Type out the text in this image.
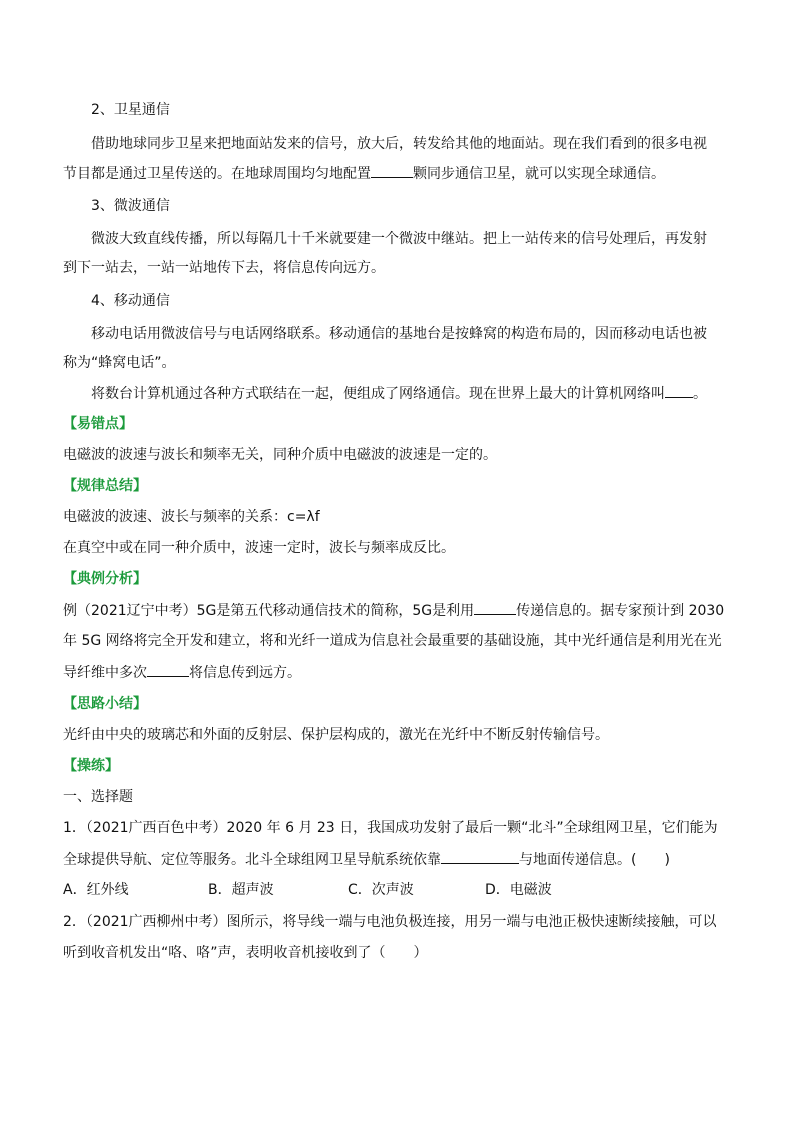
2、卫星通信
借助地球同步卫星来把地面站发来的信号，放大后，转发给其他的地面站。现在我们看到的很多电视
节目都是通过卫星传送的。在地球周围均匀地配置	颗同步通信卫星，就可以实现全球通信。
3、微波通信
微波大致直线传播，所以每隔几十千米就要建一个微波中继站。把上一站传来的信号处理后，再发射
到下一站去，一站一站地传下去，将信息传向远方。
4、移动通信
移动电话用微波信号与电话网络联系。移动通信的基地台是按蜂窝的构造布局的，因而移动电话也被
称为“蜂窝电话”。
将数台计算机通过各种方式联结在一起，便组成了网络通信。现在世界上最大的计算机网络叫 。
【易错点】
电磁波的波速与波长和频率无关，同种介质中电磁波的波速是一定的。
【规律总结】
电磁波的波速、波长与频率的关系：c=λf
在真空中或在同一种介质中，波速一定时，波长与频率成反比。
【典例分析】
例（2021辽宁中考）5G是第五代移动通信技术的简称，5G是利用	传递信息的。据专家预计到 2030
年 5G 网络将完全开发和建立，将和光纤一道成为信息社会最重要的基础设施，其中光纤通信是利用光在光
导纤维中多次	将信息传到远方。
【思路小结】
光纤由中央的玻璃芯和外面的反射层、保护层构成的，激光在光纤中不断反射传输信号。
【操练】
一、选择题
1．（2021广西百色中考）2020 年 6 月 23 日，我国成功发射了最后一颗“北斗”全球组网卫星，它们能为
全球提供导航、定位等服务。北斗全球组网卫星导航系统依靠	与地面传递信息。(　　)
A．红外线	B．超声波	C．次声波	D．电磁波
2．（2021广西柳州中考）图所示，将导线一端与电池负极连接，用另一端与电池正极快速断续接触，可以
听到收音机发出“咯、咯”声，表明收音机接收到了（　　）
